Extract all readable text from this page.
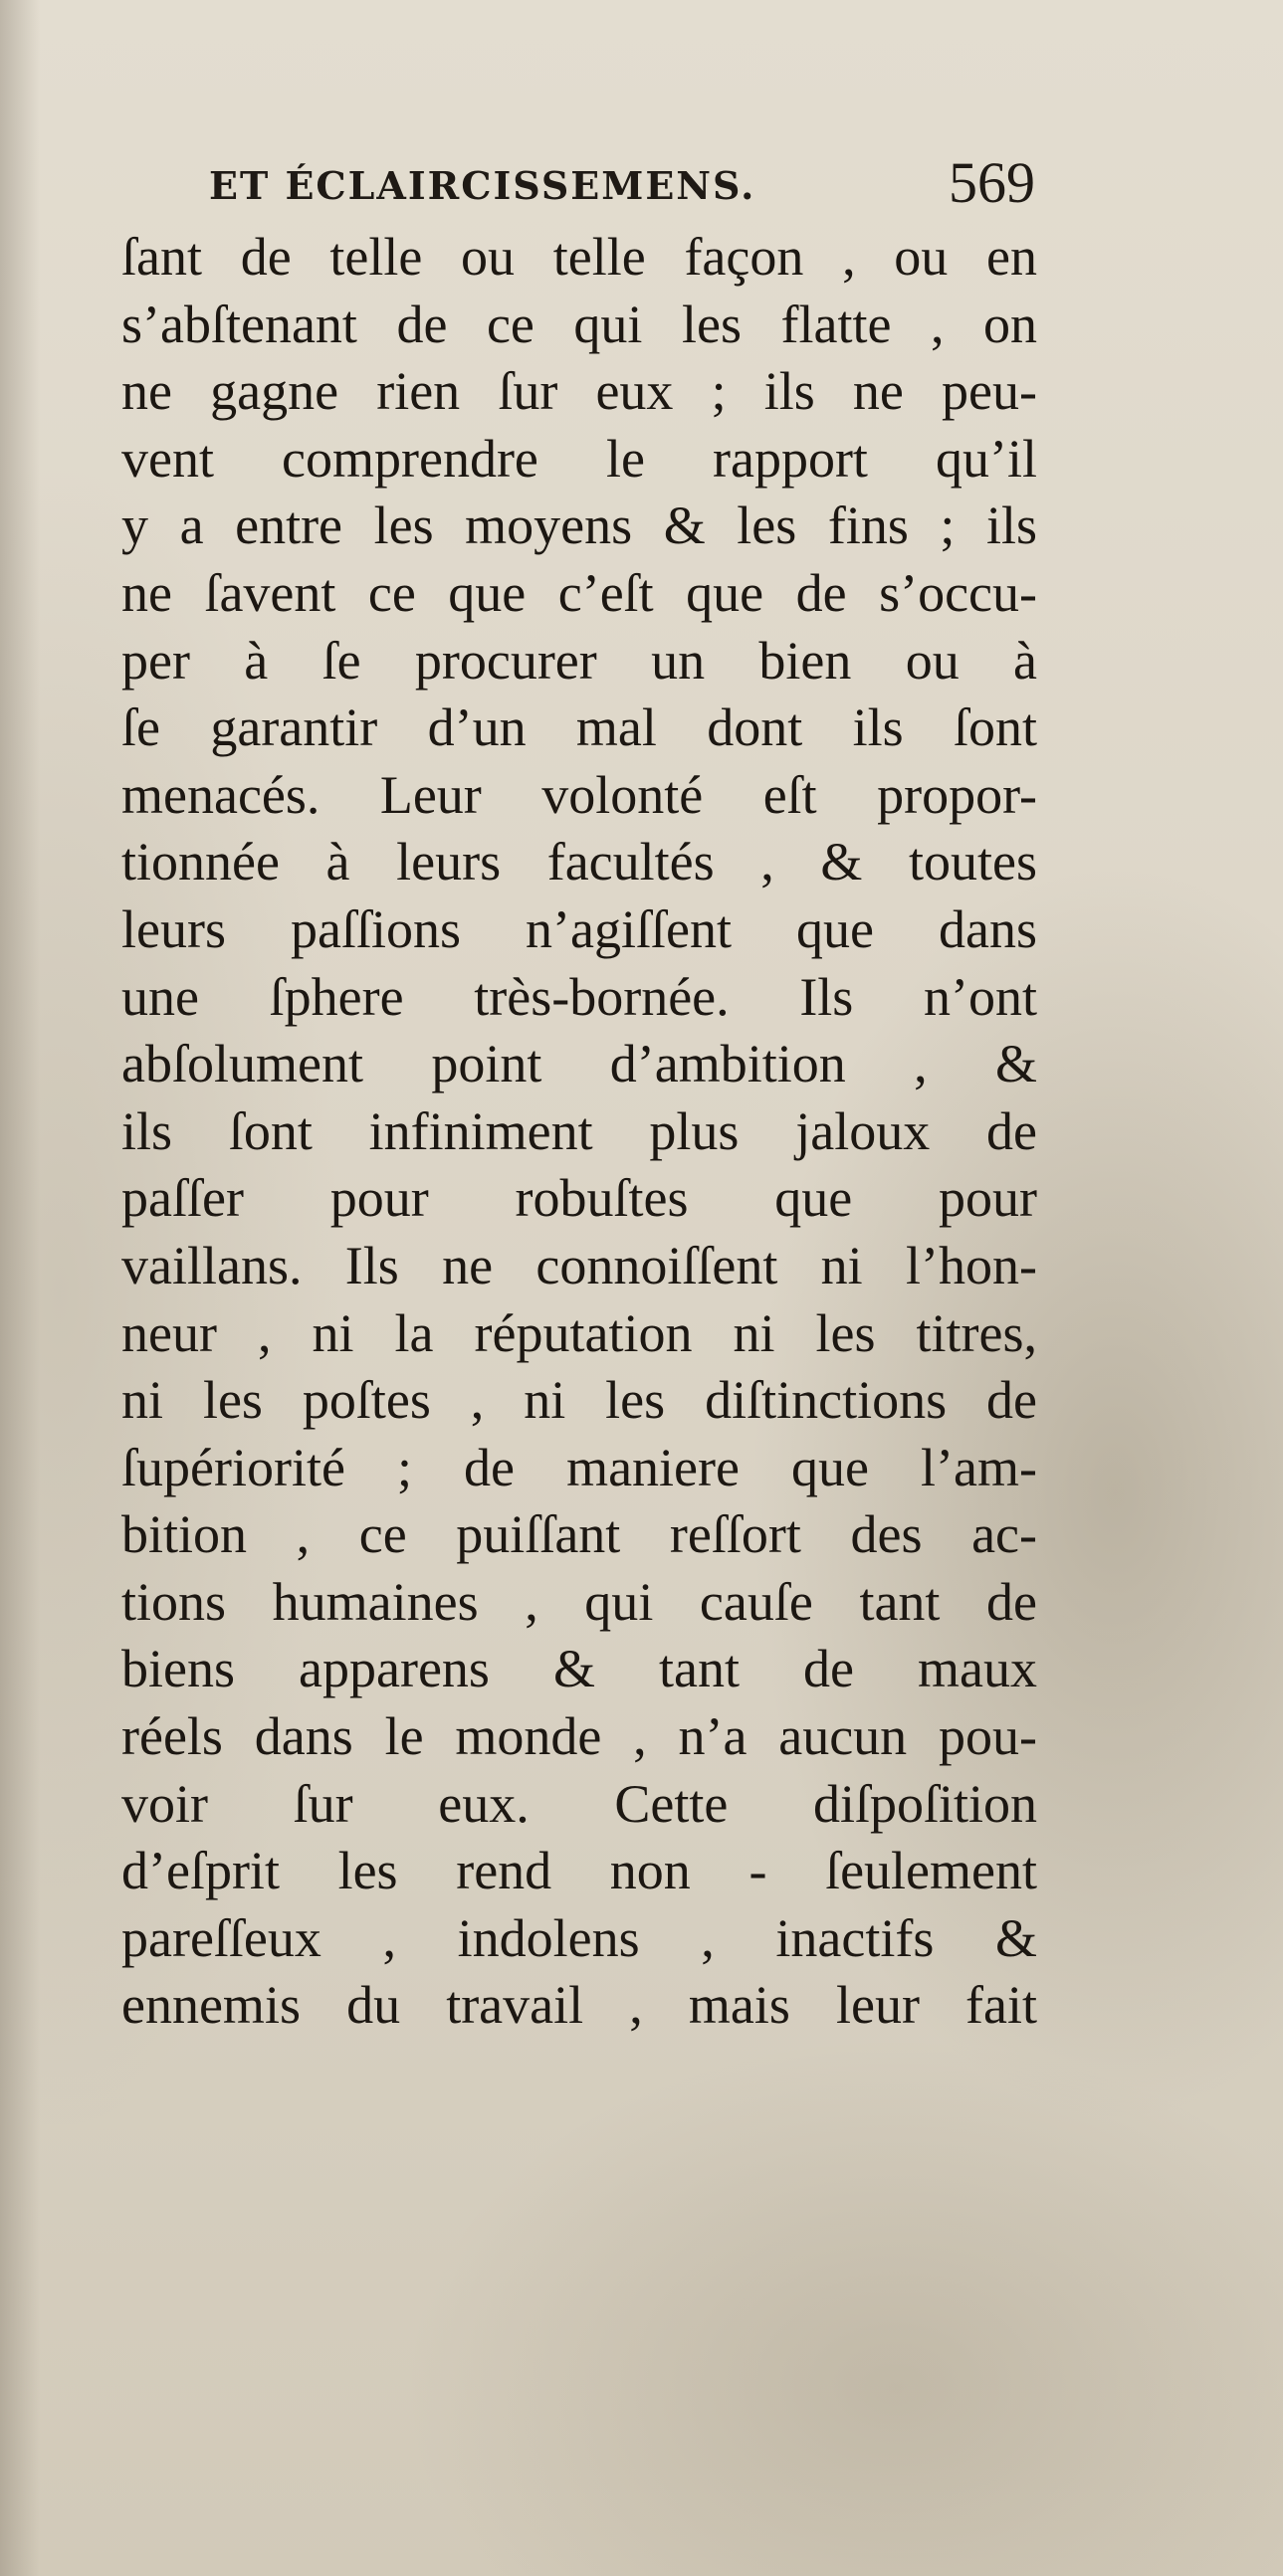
ET ÉCLAIRCISSEMENS.	569
ſant de telle ou telle façon , ou en
s’abſtenant de ce qui les flatte , on
ne gagne rien ſur eux ; ils ne peu-
vent comprendre le rapport qu’il
y a entre les moyens & les fins ; ils
ne ſavent ce que c’eſt que de s’occu-
per à ſe procurer un bien ou à
ſe garantir d’un mal dont ils ſont
menacés. Leur volonté eſt propor-
tionnée à leurs facultés , & toutes
leurs paſſions n’agiſſent que dans
une ſphere très-bornée. Ils n’ont
abſolument point d’ambition , &
ils ſont infiniment plus jaloux de
paſſer pour robuſtes que pour
vaillans. Ils ne connoiſſent ni l’hon-
neur , ni la réputation ni les titres,
ni les poſtes , ni les diſtinctions de
ſupériorité ; de maniere que l’am-
bition , ce puiſſant reſſort des ac-
tions humaines , qui cauſe tant de
biens apparens & tant de maux
réels dans le monde , n’a aucun pou-
voir ſur eux. Cette diſpoſition
d’eſprit les rend non - ſeulement
pareſſeux , indolens , inactifs &
ennemis du travail , mais leur fait
